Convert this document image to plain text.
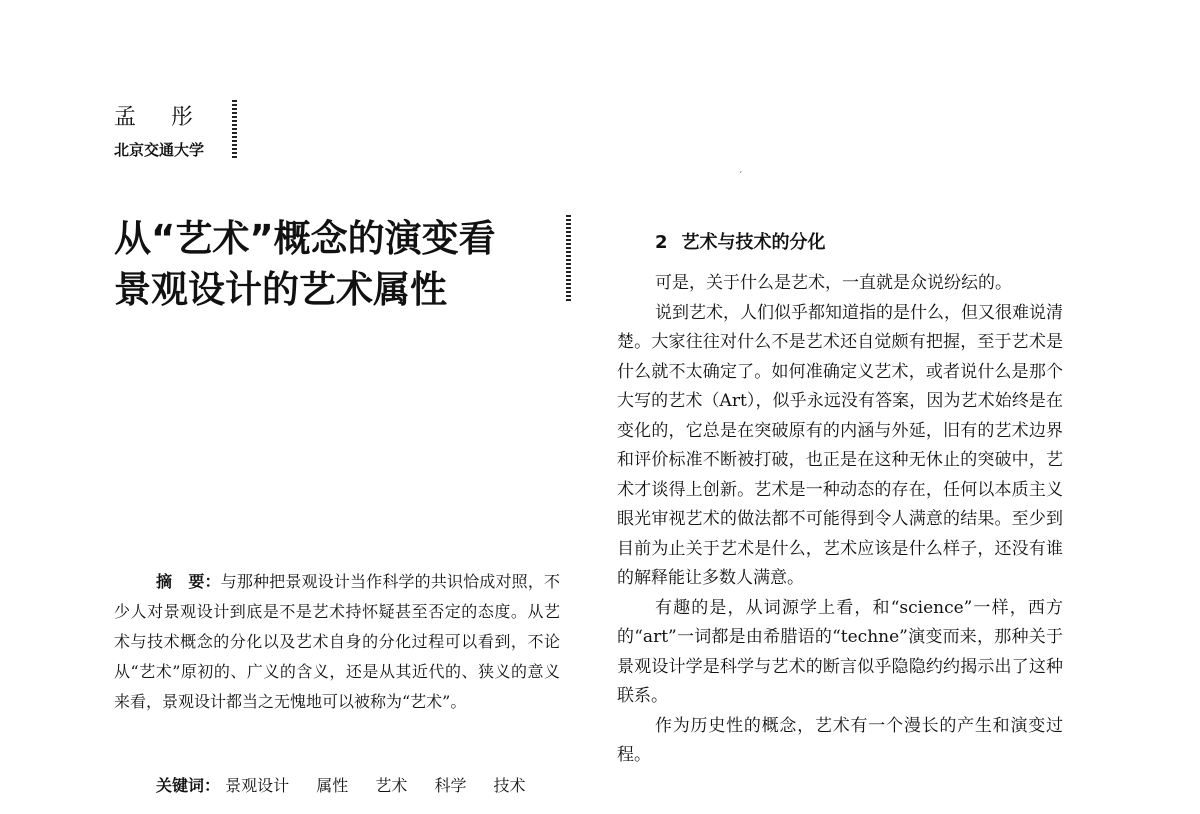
孟 彤
北京交通大学
从“艺术”概念的演变看
景观设计的艺术属性
ˊ

摘　要：与那种把景观设计当作科学的共识恰成对照，不少人对景观设计到底是不是艺术持怀疑甚至否定的态度。从艺术与技术概念的分化以及艺术自身的分化过程可以看到，不论从“艺术”原初的、广义的含义，还是从其近代的、狭义的意义来看，景观设计都当之无愧地可以被称为“艺术”。

关键词： 景观设计 属性 艺术 科学 技术

2 艺术与技术的分化

可是，关于什么是艺术，一直就是众说纷纭的。

说到艺术，人们似乎都知道指的是什么，但又很难说清楚。大家往往对什么不是艺术还自觉颇有把握，至于艺术是什么就不太确定了。如何准确定义艺术，或者说什么是那个大写的艺术（Art），似乎永远没有答案，因为艺术始终是在变化的，它总是在突破原有的内涵与外延，旧有的艺术边界和评价标准不断被打破，也正是在这种无休止的突破中，艺术才谈得上创新。艺术是一种动态的存在，任何以本质主义眼光审视艺术的做法都不可能得到令人满意的结果。至少到目前为止关于艺术是什么，艺术应该是什么样子，还没有谁的解释能让多数人满意。

有趣的是，从词源学上看，和“science”一样，西方的“art”一词都是由希腊语的“techne”演变而来，那种关于景观设计学是科学与艺术的断言似乎隐隐约约揭示出了这种联系。

作为历史性的概念，艺术有一个漫长的产生和演变过程。
